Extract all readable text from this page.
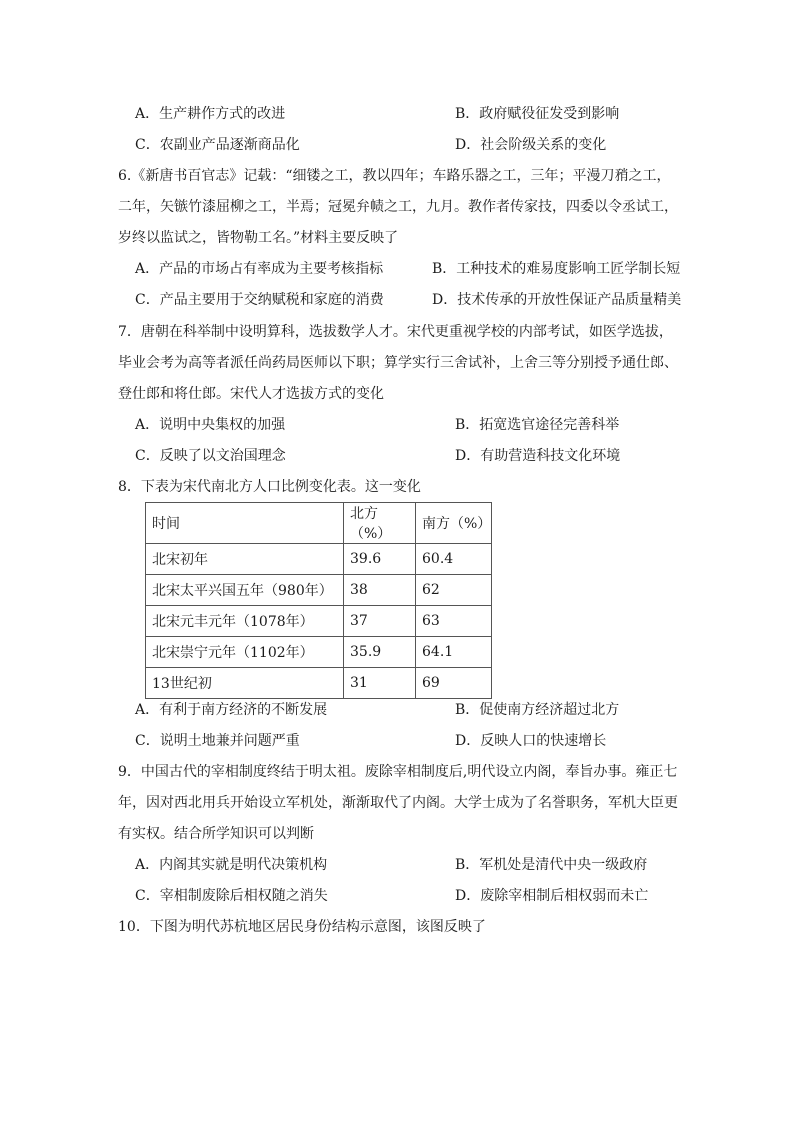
A．生产耕作方式的改进	B．政府赋役征发受到影响
C．农副业产品逐渐商品化	D．社会阶级关系的变化
6.《新唐书百官志》记载：“细镂之工，教以四年；车路乐器之工，三年；平漫刀矟之工，
二年，矢镞竹漆屈柳之工，半焉；冠冕弁帻之工，九月。教作者传家技，四委以令丞试工，
岁终以监试之，皆物勒工名。”材料主要反映了
A．产品的市场占有率成为主要考核指标	B．工种技术的难易度影响工匠学制长短
C．产品主要用于交纳赋税和家庭的消费	D．技术传承的开放性保证产品质量精美
7．唐朝在科举制中设明算科，选拔数学人才。宋代更重视学校的内部考试，如医学选拔，
毕业会考为高等者派任尚药局医师以下职；算学实行三舍试补，上舍三等分别授予通仕郎、
登仕郎和将仕郎。宋代人才选拔方式的变化
A．说明中央集权的加强	B．拓宽选官途径完善科举
C．反映了以文治国理念	D．有助营造科技文化环境
8．下表为宋代南北方人口比例变化表。这一变化
时间	北方（%）	南方（%）
北宋初年	39.6	60.4
北宋太平兴国五年（980年）	38	62
北宋元丰元年（1078年）	37	63
北宋崇宁元年（1102年）	35.9	64.1
13世纪初	31	69
A．有利于南方经济的不断发展	B．促使南方经济超过北方
C．说明土地兼并问题严重	D．反映人口的快速增长
9．中国古代的宰相制度终结于明太祖。废除宰相制度后,明代设立内阁，奉旨办事。雍正七
年，因对西北用兵开始设立军机处，渐渐取代了内阁。大学士成为了名誉职务，军机大臣更
有实权。结合所学知识可以判断
A．内阁其实就是明代决策机构	B．军机处是清代中央一级政府
C．宰相制废除后相权随之消失	D．废除宰相制后相权弱而未亡
10．下图为明代苏杭地区居民身份结构示意图，该图反映了
